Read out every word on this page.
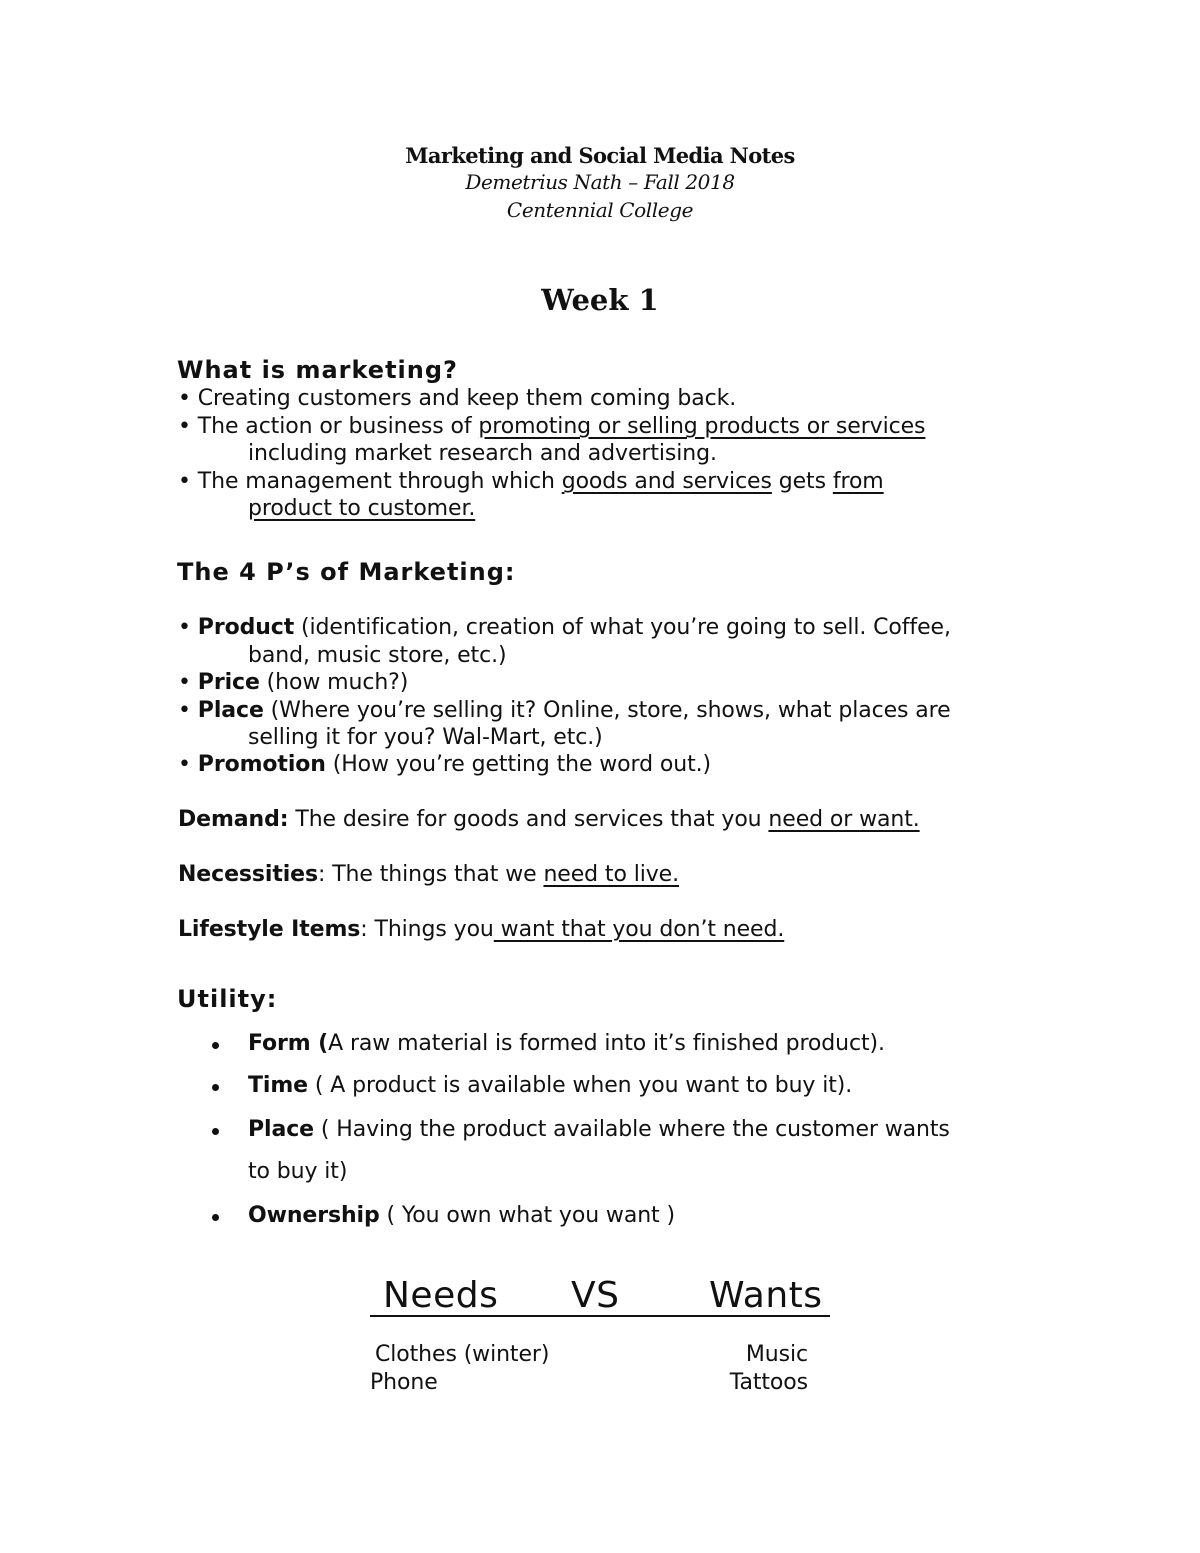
Marketing and Social Media Notes
Demetrius Nath – Fall 2018
Centennial College
Week 1
What is marketing?
• Creating customers and keep them coming back.
• The action or business of promoting or selling products or services
including market research and advertising.
• The management through which goods and services gets from
product to customer.
The 4 P’s of Marketing:
• Product (identification, creation of what you’re going to sell. Coffee,
band, music store, etc.)
• Price (how much?)
• Place (Where you’re selling it? Online, store, shows, what places are
selling it for you? Wal-Mart, etc.)
• Promotion (How you’re getting the word out.)
Demand: The desire for goods and services that you need or want.
Necessities: The things that we need to live.
Lifestyle Items: Things you want that you don’t need.
Utility:
Form (A raw material is formed into it’s finished product).
Time ( A product is available when you want to buy it).
Place ( Having the product available where the customer wants
to buy it)
Ownership ( You own what you want )
Needs VS Wants
Clothes (winter)
Phone
Music
Tattoos
